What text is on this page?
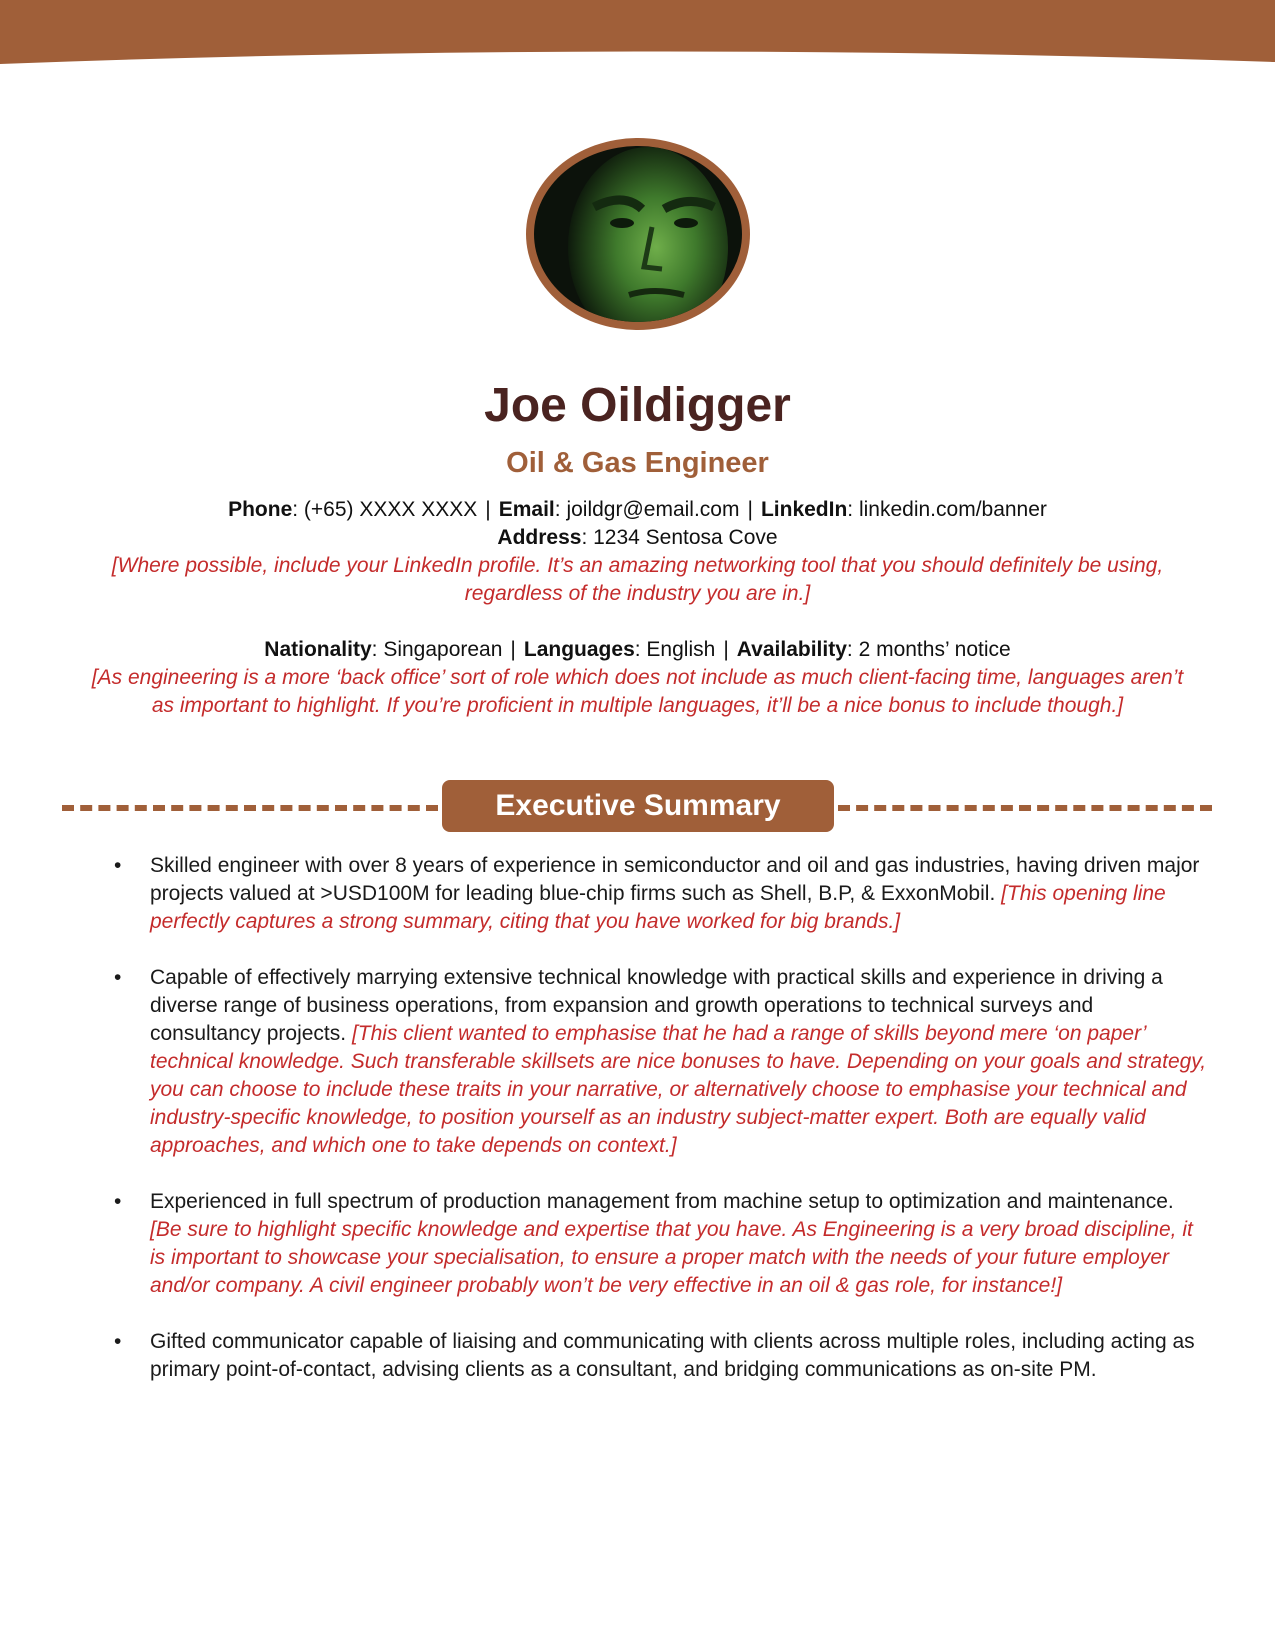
Joe Oildigger
Oil & Gas Engineer
Phone: (+65) XXXX XXXX | Email: joildgr@email.com | LinkedIn: linkedin.com/banner
Address: 1234 Sentosa Cove
[Where possible, include your LinkedIn profile. It’s an amazing networking tool that you should definitely be using, regardless of the industry you are in.]
Nationality: Singaporean | Languages: English | Availability: 2 months’ notice
[As engineering is a more ‘back office’ sort of role which does not include as much client-facing time, languages aren’t as important to highlight. If you’re proficient in multiple languages, it’ll be a nice bonus to include though.]
Executive Summary
• Skilled engineer with over 8 years of experience in semiconductor and oil and gas industries, having driven major projects valued at >USD100M for leading blue-chip firms such as Shell, B.P, & ExxonMobil. [This opening line perfectly captures a strong summary, citing that you have worked for big brands.]
• Capable of effectively marrying extensive technical knowledge with practical skills and experience in driving a diverse range of business operations, from expansion and growth operations to technical surveys and consultancy projects. [This client wanted to emphasise that he had a range of skills beyond mere ‘on paper’ technical knowledge. Such transferable skillsets are nice bonuses to have. Depending on your goals and strategy, you can choose to include these traits in your narrative, or alternatively choose to emphasise your technical and industry-specific knowledge, to position yourself as an industry subject-matter expert. Both are equally valid approaches, and which one to take depends on context.]
• Experienced in full spectrum of production management from machine setup to optimization and maintenance. [Be sure to highlight specific knowledge and expertise that you have. As Engineering is a very broad discipline, it is important to showcase your specialisation, to ensure a proper match with the needs of your future employer and/or company. A civil engineer probably won’t be very effective in an oil & gas role, for instance!]
• Gifted communicator capable of liaising and communicating with clients across multiple roles, including acting as primary point-of-contact, advising clients as a consultant, and bridging communications as on-site PM.
